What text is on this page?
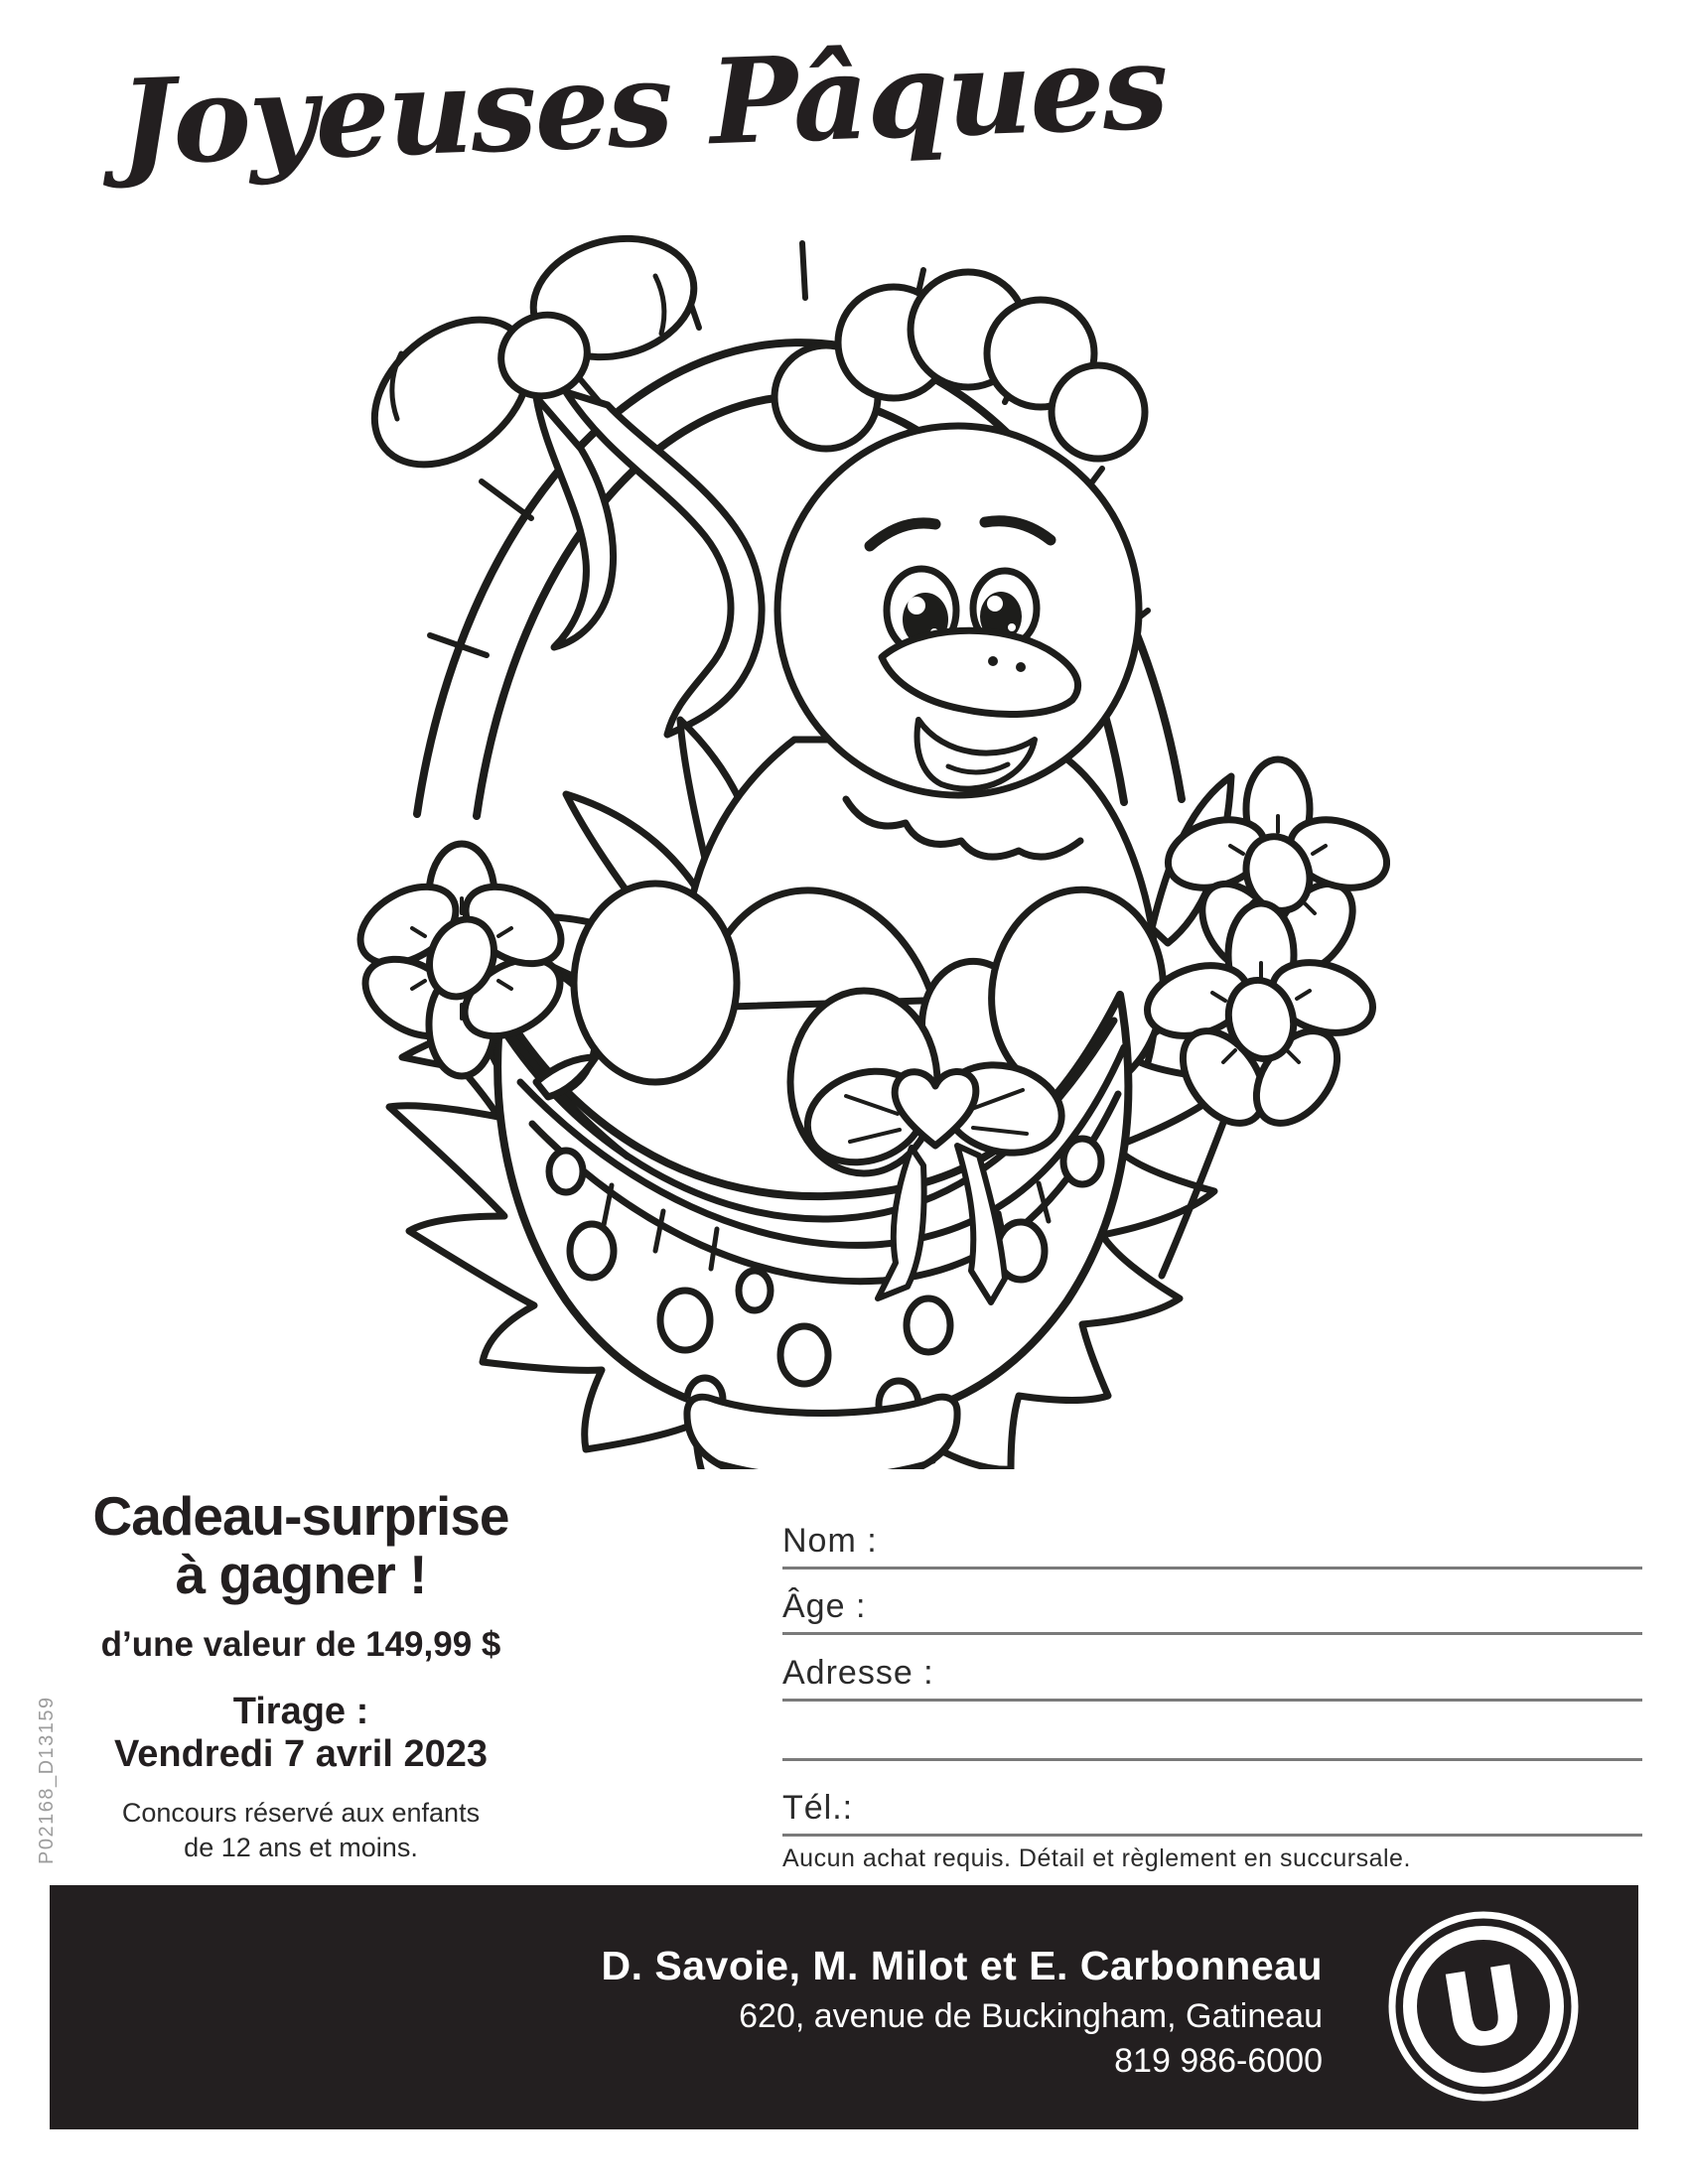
Joyeuses Pâques
Cadeau-surprise
à gagner !
d’une valeur de 149,99 $
Tirage :
Vendredi 7 avril 2023
Concours réservé aux enfants
de 12 ans et moins.
Nom :
Âge :
Adresse :
Tél.:
Aucun achat requis. Détail et règlement en succursale.
P02168_D13159
D. Savoie, M. Milot et E. Carbonneau
620, avenue de Buckingham, Gatineau
819 986-6000 U
